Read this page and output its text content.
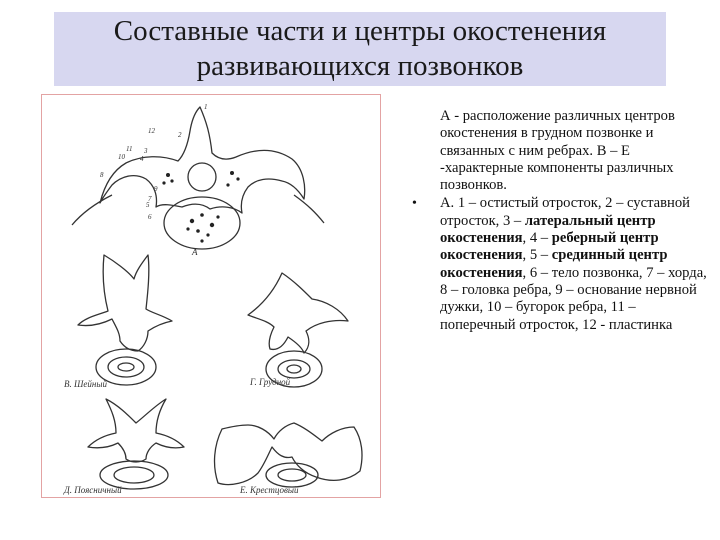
Составные части и центры окостенения
развивающихся позвонков
А
В. Шейный	Г. Грудной
Д. Поясничный	Е. Крестцовый
1
2
3
4
5
6
7
8
9
10
11
12
А - расположение различных центров окостенения в грудном позвонке и связанных с ним ребрах. В – Е -характерные компоненты различных позвонков.
• А. 1 – остистый отросток, 2 – суставной отросток, 3 – латеральный центр окостенения, 4 – реберный центр окостенения, 5 – срединный центр окостенения, 6 – тело позвонка, 7 – хорда, 8 – головка ребра, 9 – основание нервной дужки, 10 – бугорок ребра, 11 – поперечный отросток, 12 - пластинка
